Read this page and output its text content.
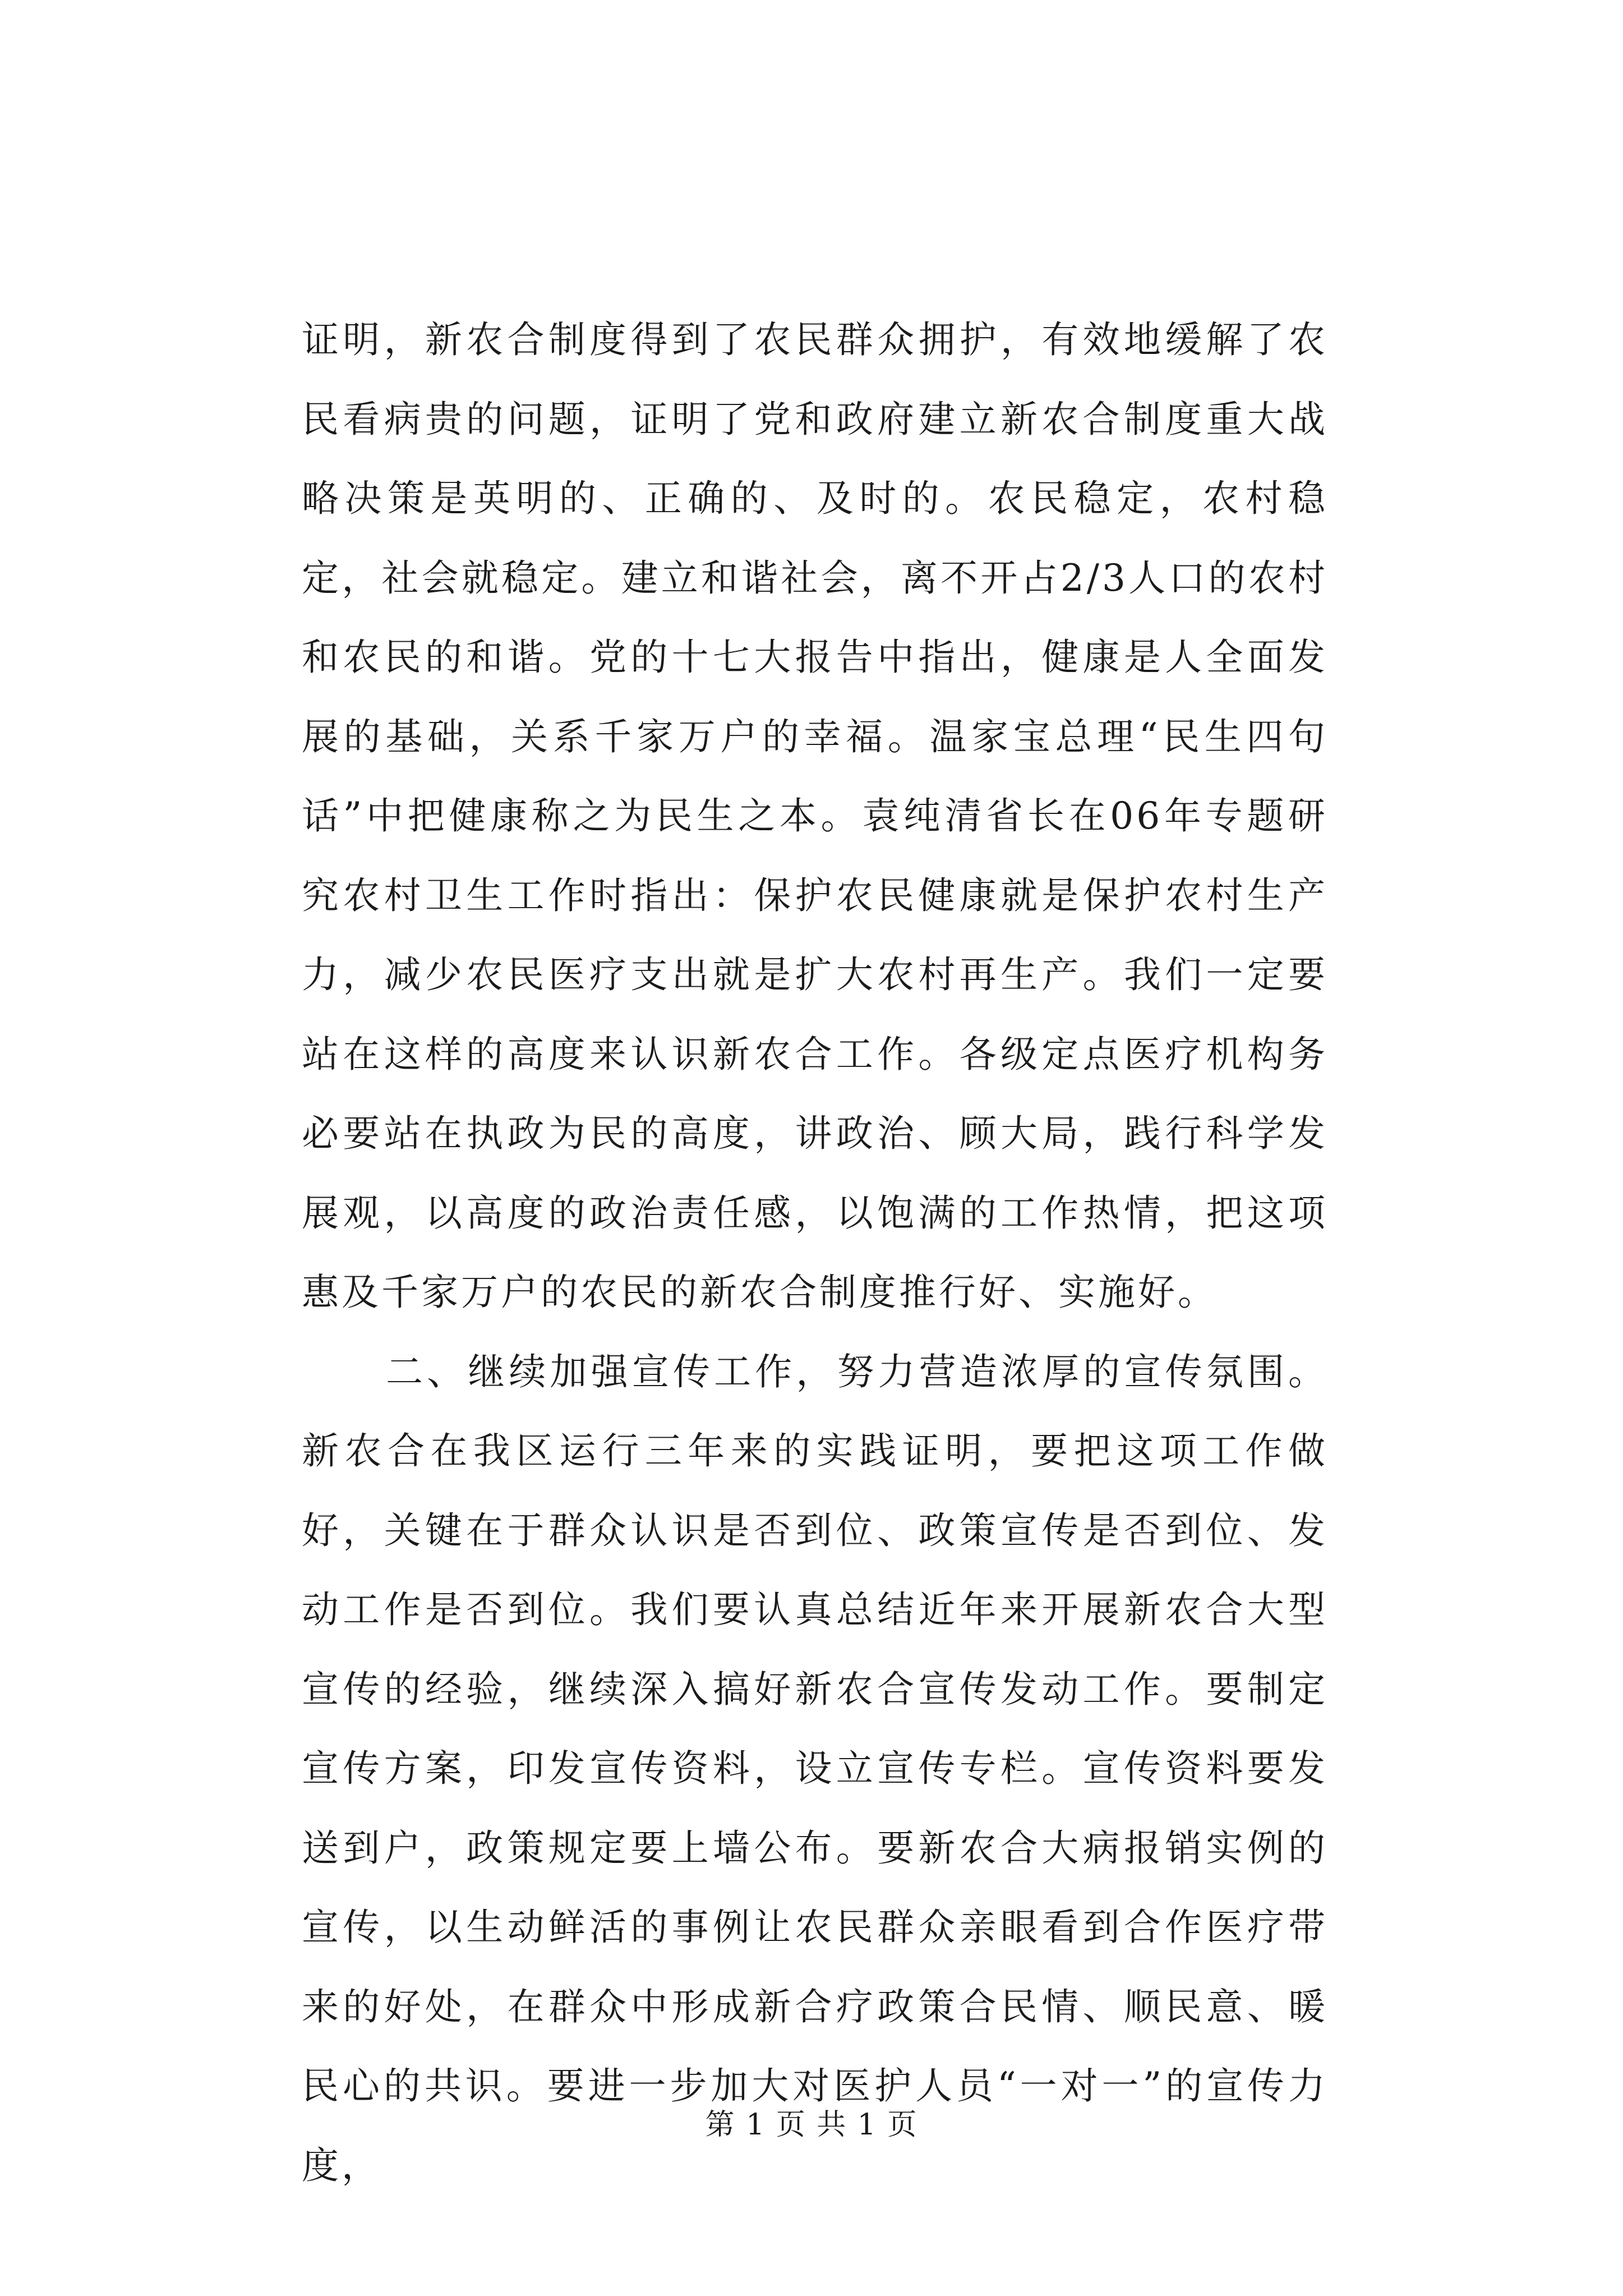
证明，新农合制度得到了农民群众拥护，有效地缓解了农民看病贵的问题，证明了党和政府建立新农合制度重大战略决策是英明的、正确的、及时的。农民稳定，农村稳定，社会就稳定。建立和谐社会，离不开占2/3人口的农村和农民的和谐。党的十七大报告中指出，健康是人全面发展的基础，关系千家万户的幸福。温家宝总理“民生四句话”中把健康称之为民生之本。袁纯清省长在06年专题研究农村卫生工作时指出：保护农民健康就是保护农村生产力，减少农民医疗支出就是扩大农村再生产。我们一定要站在这样的高度来认识新农合工作。各级定点医疗机构务必要站在执政为民的高度，讲政治、顾大局，践行科学发展观，以高度的政治责任感，以饱满的工作热情，把这项惠及千家万户的农民的新农合制度推行好、实施好。

二、继续加强宣传工作，努力营造浓厚的宣传氛围。新农合在我区运行三年来的实践证明，要把这项工作做好，关键在于群众认识是否到位、政策宣传是否到位、发动工作是否到位。我们要认真总结近年来开展新农合大型宣传的经验，继续深入搞好新农合宣传发动工作。要制定宣传方案，印发宣传资料，设立宣传专栏。宣传资料要发送到户，政策规定要上墙公布。要新农合大病报销实例的宣传，以生动鲜活的事例让农民群众亲眼看到合作医疗带来的好处，在群众中形成新合疗政策合民情、顺民意、暖民心的共识。要进一步加大对医护人员“一对一”的宣传力度，

第 1 页 共 1 页
